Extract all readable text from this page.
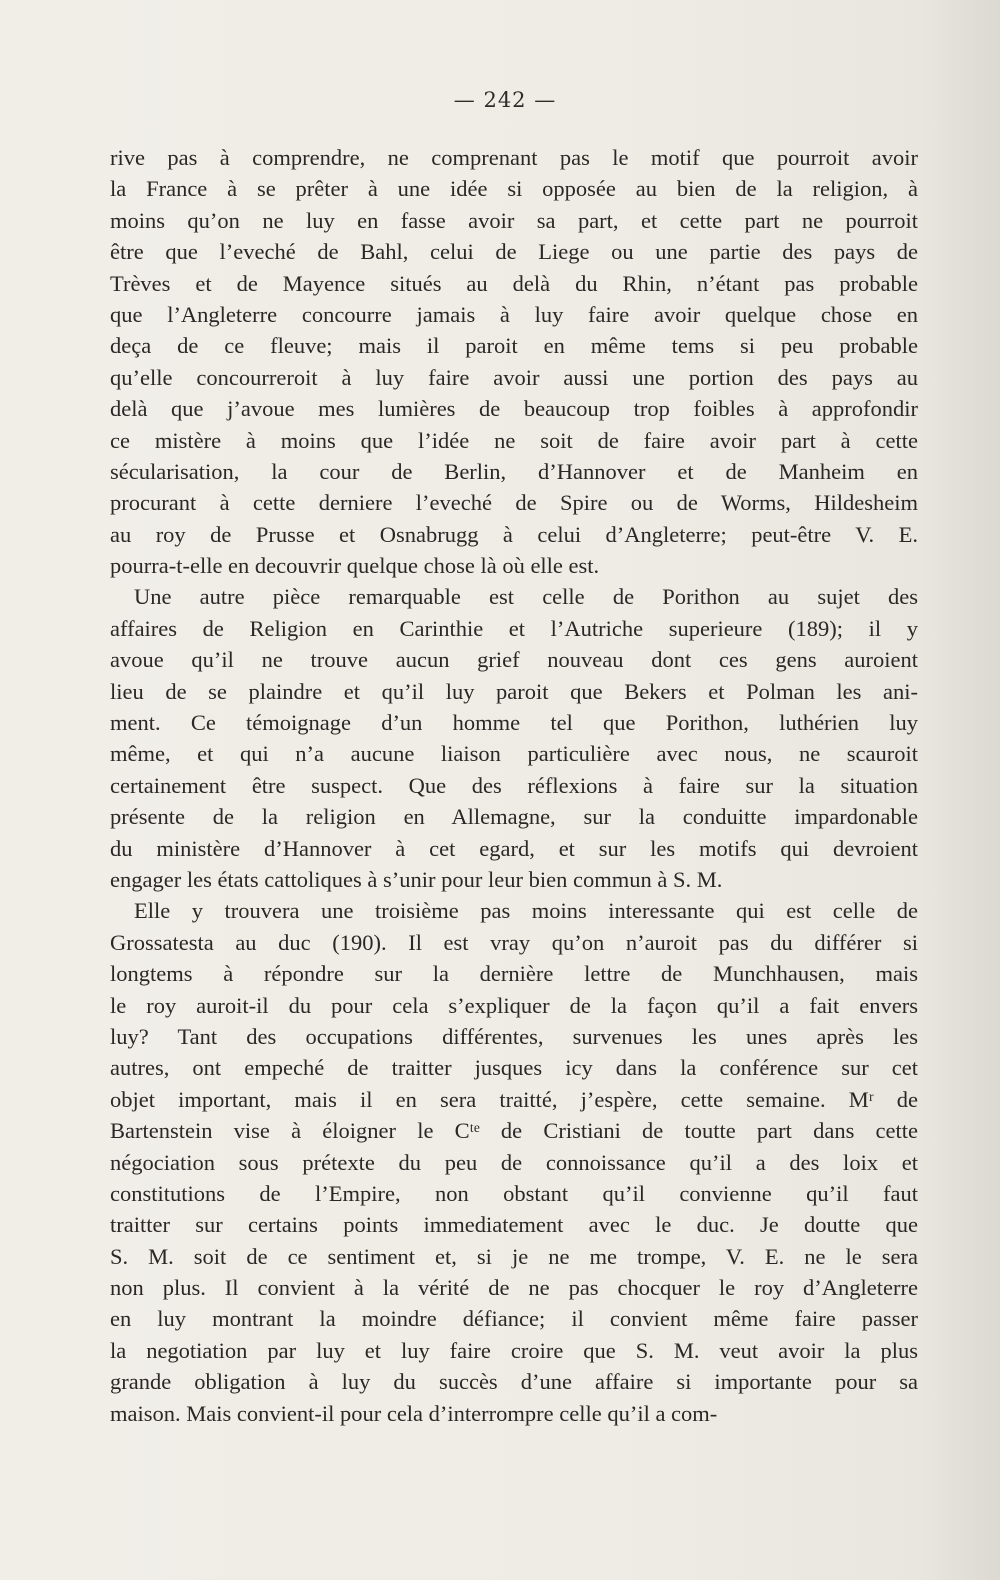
— 242 —
rive pas à comprendre, ne comprenant pas le motif que pourroit avoir
la France à se prêter à une idée si opposée au bien de la religion, à
moins qu’on ne luy en fasse avoir sa part, et cette part ne pourroit
être que l’eveché de Bahl, celui de Liege ou une partie des pays de
Trèves et de Mayence situés au delà du Rhin, n’étant pas probable
que l’Angleterre concourre jamais à luy faire avoir quelque chose en
deça de ce fleuve; mais il paroit en même tems si peu probable
qu’elle concourreroit à luy faire avoir aussi une portion des pays au
delà que j’avoue mes lumières de beaucoup trop foibles à approfondir
ce mistère à moins que l’idée ne soit de faire avoir part à cette
sécularisation, la cour de Berlin, d’Hannover et de Manheim en
procurant à cette derniere l’eveché de Spire ou de Worms, Hildesheim
au roy de Prusse et Osnabrugg à celui d’Angleterre; peut-être V. E.
pourra-t-elle en decouvrir quelque chose là où elle est.
Une autre pièce remarquable est celle de Porithon au sujet des
affaires de Religion en Carinthie et l’Autriche superieure (189); il y
avoue qu’il ne trouve aucun grief nouveau dont ces gens auroient
lieu de se plaindre et qu’il luy paroit que Bekers et Polman les ani-
ment. Ce témoignage d’un homme tel que Porithon, luthérien luy
même, et qui n’a aucune liaison particulière avec nous, ne scauroit
certainement être suspect. Que des réflexions à faire sur la situation
présente de la religion en Allemagne, sur la conduitte impardonable
du ministère d’Hannover à cet egard, et sur les motifs qui devroient
engager les états cattoliques à s’unir pour leur bien commun à S. M.
Elle y trouvera une troisième pas moins interessante qui est celle de
Grossatesta au duc (190). Il est vray qu’on n’auroit pas du différer si
longtems à répondre sur la dernière lettre de Munchhausen, mais
le roy auroit-il du pour cela s’expliquer de la façon qu’il a fait envers
luy? Tant des occupations différentes, survenues les unes après les
autres, ont empeché de traitter jusques icy dans la conférence sur cet
objet important, mais il en sera traitté, j’espère, cette semaine. Mʳ de
Bartenstein vise à éloigner le Cᵗᵉ de Cristiani de toutte part dans cette
négociation sous prétexte du peu de connoissance qu’il a des loix et
constitutions de l’Empire, non obstant qu’il convienne qu’il faut
traitter sur certains points immediatement avec le duc. Je doutte que
S. M. soit de ce sentiment et, si je ne me trompe, V. E. ne le sera
non plus. Il convient à la vérité de ne pas chocquer le roy d’Angleterre
en luy montrant la moindre défiance; il convient même faire passer
la negotiation par luy et luy faire croire que S. M. veut avoir la plus
grande obligation à luy du succès d’une affaire si importante pour sa
maison. Mais convient-il pour cela d’interrompre celle qu’il a com-
